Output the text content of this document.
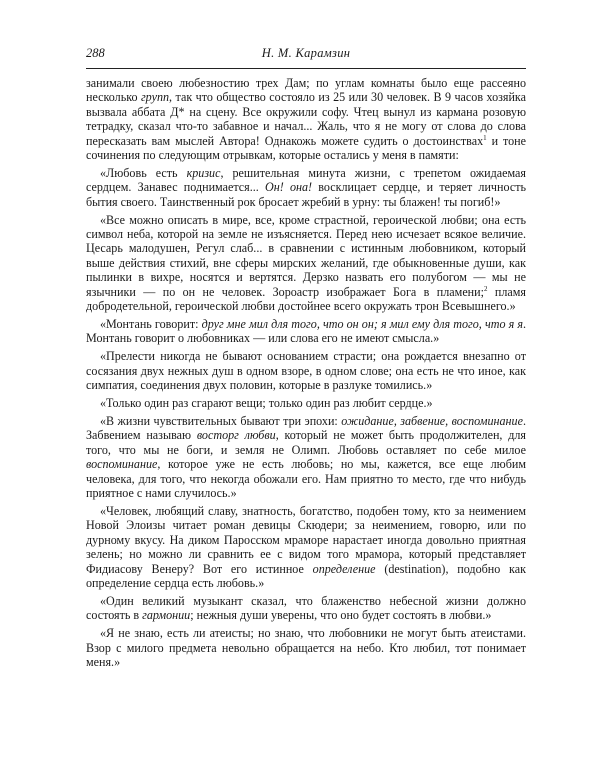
288	Н. М. Карамзин

занимали своею любезностию трех Дам; по углам комнаты было еще рассеяно несколько групп, так что общество состояло из 25 или 30 человек. В 9 часов хозяйка вызвала аббата Д* на сцену. Все окружили софу. Чтец вынул из кармана розовую тетрадку, сказал что-то забавное и начал... Жаль, что я не могу от слова до слова пересказать вам мыслей Автора! Однакожь можете судить о достоинствах$^1$ и тоне сочинения по следующим отрывкам, которые остались у меня в памяти:

«Любовь есть кризис, решительная минута жизни, с трепетом ожидаемая сердцем. Занавес поднимается... Он! она! восклицает сердце, и теряет личность бытия своего. Таинственный рок бросает жребий в урну: ты блажен! ты погиб!»

«Все можно описать в мире, все, кроме страстной, героической любви; она есть символ неба, которой на земле не изъясняется. Перед нею исчезает всякое величие. Цесарь малодушен, Регул слаб... в сравнении с истинным любовником, который выше действия стихий, вне сферы мирских желаний, где обыкновенные души, как пылинки в вихре, носятся и вертятся. Дерзко назвать его полубогом — мы не язычники — по он не человек. Зороастр изображает Бога в пламени;$^2$ пламя добродетельной, героической любви достойнее всего окружать трон Всевышнего.»

«Монтань говорит: друг мне мил для того, что он он; я мил ему для того, что я я. Монтань говорит о любовниках — или слова его не имеют смысла.»

«Прелести никогда не бывают основанием страсти; она рождается внезапно от сосязания двух нежных душ в одном взоре, в одном слове; она есть не что иное, как симпатия, соединения двух половин, которые в разлуке томились.»

«Только один раз сгарают вещи; только один раз любит сердце.»

«В жизни чувствительных бывают три эпохи: ожидание, забвение, воспоминание. Забвением называю восторг любви, который не может быть продолжителен, для того, что мы не боги, и земля не Олимп. Любовь оставляет по себе милое воспоминание, которое уже не есть любовь; но мы, кажется, все еще любим человека, для того, что некогда обожали его. Нам приятно то место, где что нибудь приятное с нами случилось.»

«Человек, любящий славу, знатность, богатство, подобен тому, кто за неимением Новой Элоизы читает роман девицы Скюдери; за неимением, говорю, или по дурному вкусу. На диком Паросском мраморе нарастает иногда довольно приятная зелень; но можно ли сравнить ее с видом того мрамора, который представляет Фидиасову Венеру? Вот его истинное определение (destination), подобно как определение сердца есть любовь.»

«Один великий музыкант сказал, что блаженство небесной жизни должно состоять в гармонии; нежныя души уверены, что оно будет состоять в любви.»

«Я не знаю, есть ли атеисты; но знаю, что любовники не могут быть атеистами. Взор с милого предмета невольно обращается на небо. Кто любил, тот понимает меня.»
